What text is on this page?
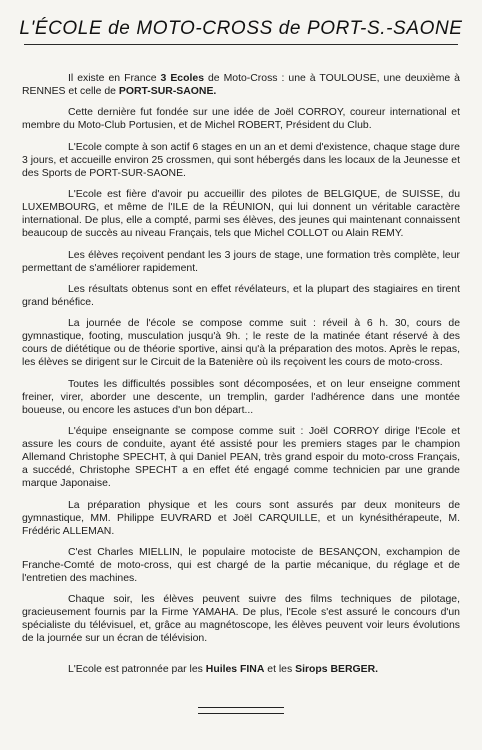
L'ÉCOLE de MOTO-CROSS de PORT-S.-SAONE

Il existe en France 3 Ecoles de Moto-Cross : une à TOULOUSE, une deuxième à RENNES et celle de PORT-SUR-SAONE.

Cette dernière fut fondée sur une idée de Joël CORROY, coureur international et membre du Moto-Club Portusien, et de Michel ROBERT, Président du Club.

L'Ecole compte à son actif 6 stages en un an et demi d'existence, chaque stage dure 3 jours, et accueille environ 25 crossmen, qui sont hébergés dans les locaux de la Jeunesse et des Sports de PORT-SUR-SAONE.

L'Ecole est fière d'avoir pu accueillir des pilotes de BELGIQUE, de SUISSE, du LUXEMBOURG, et même de l'ILE de la RÉUNION, qui lui donnent un véritable caractère international. De plus, elle a compté, parmi ses élèves, des jeunes qui maintenant connaissent beaucoup de succès au niveau Français, tels que Michel COLLOT ou Alain REMY.

Les élèves reçoivent pendant les 3 jours de stage, une formation très complète, leur permettant de s'améliorer rapidement.

Les résultats obtenus sont en effet révélateurs, et la plupart des stagiaires en tirent grand bénéfice.

La journée de l'école se compose comme suit : réveil à 6 h. 30, cours de gymnastique, footing, musculation jusqu'à 9h. ; le reste de la matinée étant réservé à des cours de diététique ou de théorie sportive, ainsi qu'à la préparation des motos. Après le repas, les élèves se dirigent sur le Circuit de la Batenière où ils reçoivent les cours de moto-cross.

Toutes les difficultés possibles sont décomposées, et on leur enseigne comment freiner, virer, aborder une descente, un tremplin, garder l'adhérence dans une montée boueuse, ou encore les astuces d'un bon départ...

L'équipe enseignante se compose comme suit : Joël CORROY dirige l'Ecole et assure les cours de conduite, ayant été assisté pour les premiers stages par le champion Allemand Christophe SPECHT, à qui Daniel PEAN, très grand espoir du moto-cross Français, a succédé, Christophe SPECHT a en effet été engagé comme technicien par une grande marque Japonaise.

La préparation physique et les cours sont assurés par deux moniteurs de gymnastique, MM. Philippe EUVRARD et Joël CARQUILLE, et un kynésithérapeute, M. Frédéric ALLEMAN.

C'est Charles MIELLIN, le populaire motociste de BESANÇON, exchampion de Franche-Comté de moto-cross, qui est chargé de la partie mécanique, du réglage et de l'entretien des machines.

Chaque soir, les élèves peuvent suivre des films techniques de pilotage, gracieusement fournis par la Firme YAMAHA. De plus, l'Ecole s'est assuré le concours d'un spécialiste du télévisuel, et, grâce au magnétoscope, les élèves peuvent voir leurs évolutions de la journée sur un écran de télévision.

L'Ecole est patronnée par les Huiles FINA et les Sirops BERGER.
